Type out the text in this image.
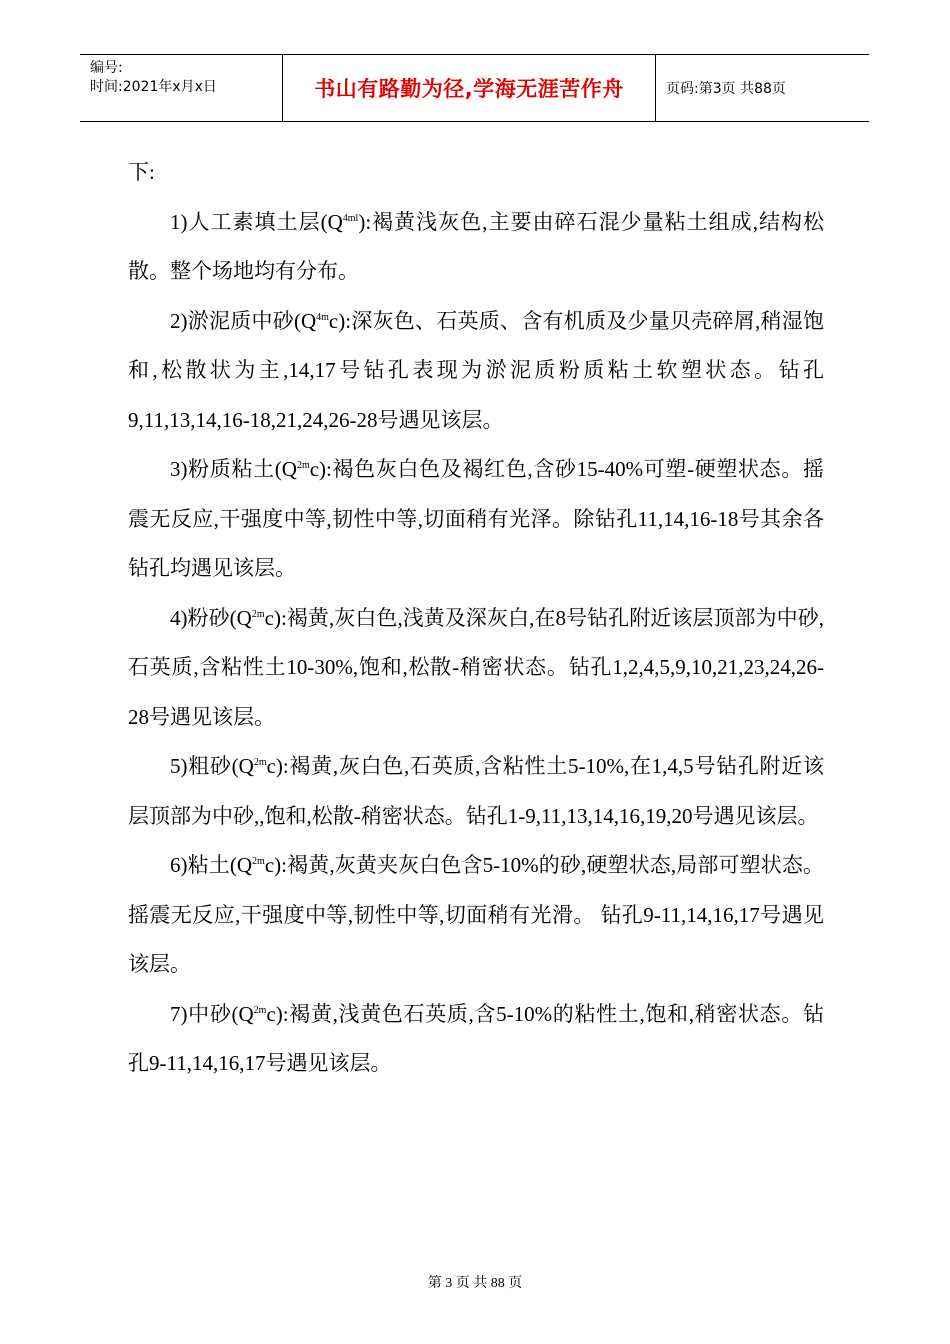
编号:
时间:2021年x月x日	书山有路勤为径,学海无涯苦作舟	页码:第3页 共88页

下:

1)人工素填土层$(Q^{4ml})$:褐黄浅灰色,主要由碎石混少量粘土组成,结构松散。整个场地均有分布。

2)淤泥质中砂$(Q^{4m}c)$:深灰色、石英质、含有机质及少量贝壳碎屑,稍湿饱和,松散状为主,14,17号钻孔表现为淤泥质粉质粘土软塑状态。钻孔9,11,13,14,16-18,21,24,26-28号遇见该层。

3)粉质粘土$(Q^{2m}c)$:褐色灰白色及褐红色,含砂15-40%可塑-硬塑状态。摇震无反应,干强度中等,韧性中等,切面稍有光泽。除钻孔11,14,16-18号其余各钻孔均遇见该层。

4)粉砂$(Q^{2m}c)$:褐黄,灰白色,浅黄及深灰白,在8号钻孔附近该层顶部为中砂,石英质,含粘性土10-30%,饱和,松散-稍密状态。钻孔1,2,4,5,9,10,21,23,24,26-28号遇见该层。

5)粗砂$(Q^{2m}c)$:褐黄,灰白色,石英质,含粘性土5-10%,在1,4,5号钻孔附近该层顶部为中砂,,饱和,松散-稍密状态。钻孔1-9,11,13,14,16,19,20号遇见该层。

6)粘土$(Q^{2m}c)$:褐黄,灰黄夹灰白色含5-10%的砂,硬塑状态,局部可塑状态。摇震无反应,干强度中等,韧性中等,切面稍有光滑。 钻孔9-11,14,16,17号遇见该层。

7)中砂$(Q^{2m}c)$:褐黄,浅黄色石英质,含5-10%的粘性土,饱和,稍密状态。钻孔9-11,14,16,17号遇见该层。

第 3 页 共 88 页
